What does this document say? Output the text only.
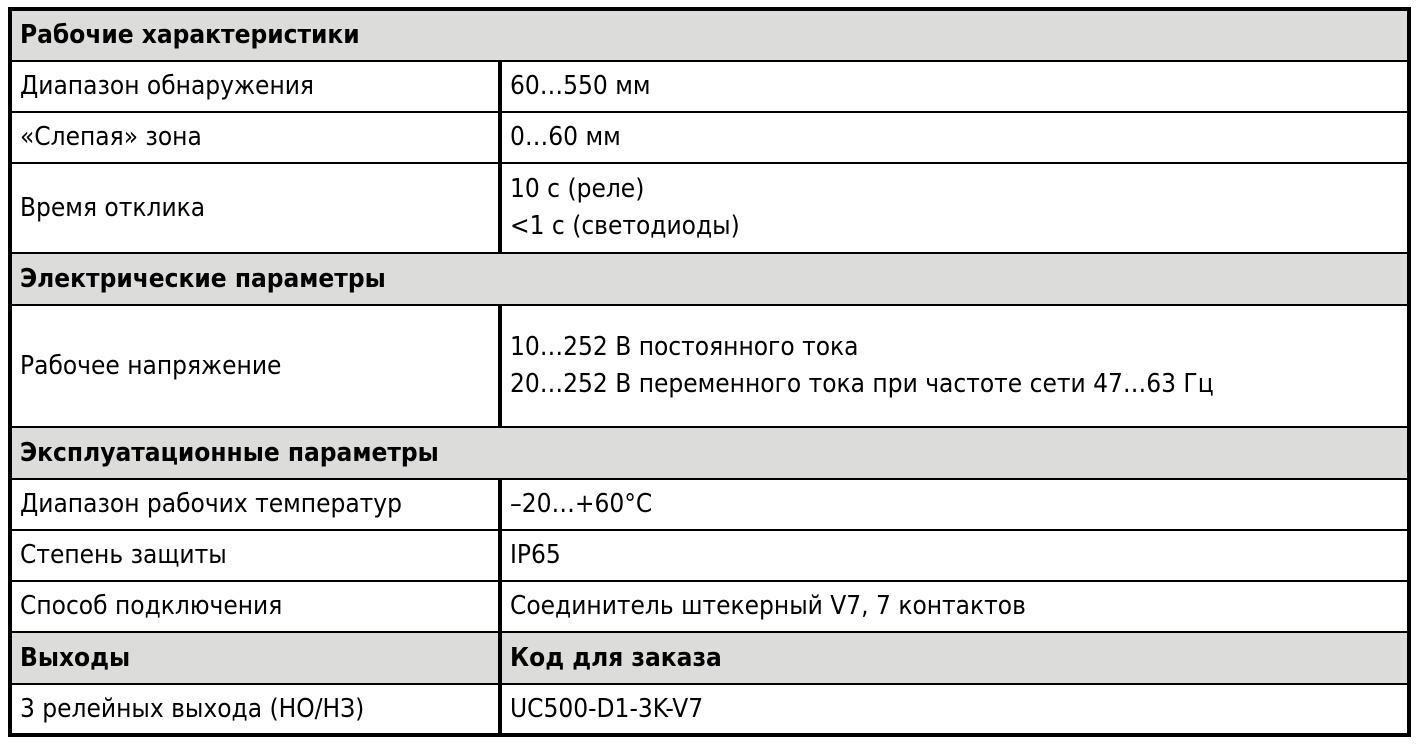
Рабочие характеристики	
Диапазон обнаружения	60…550 мм
«Слепая» зона	0…60 мм
Время отклика	10 с (реле)
<1 с (светодиоды)

Электрические параметры	
Рабочее напряжение	10…252 В постоянного тока
20…252 В переменного тока при частоте сети 47…63 Гц

Эксплуатационные параметры	
Диапазон рабочих температур	–20…+60°С
Степень защиты	IP65
Способ подключения	Соединитель штекерный V7, 7 контактов
Выходы	Код для заказа
3 релейных выхода (НО/НЗ)	UC500-D1-3K-V7
